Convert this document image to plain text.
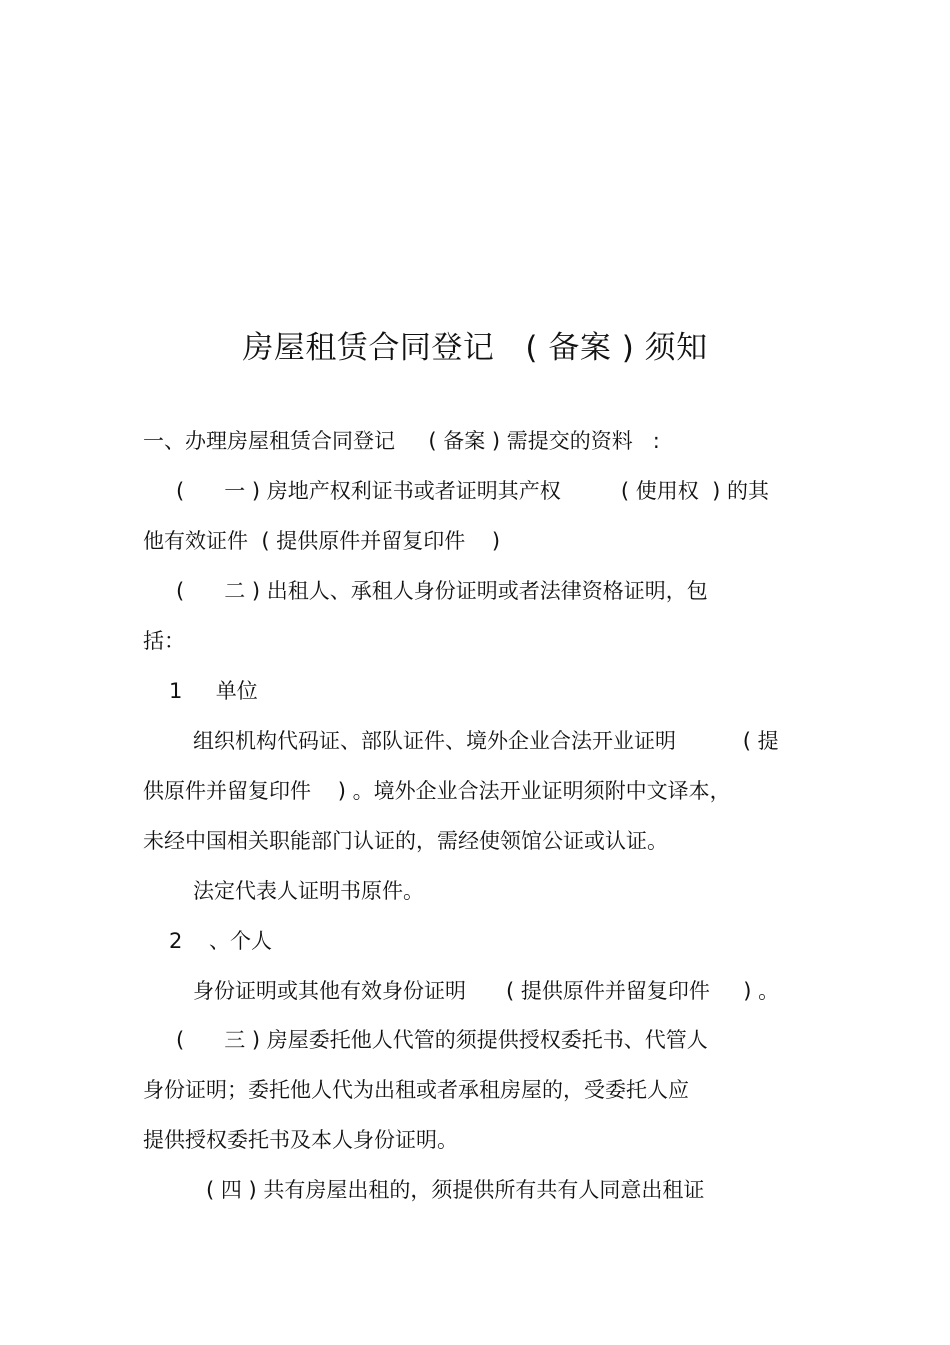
房屋租赁合同登记   ( 备案 ) 须知
一、办理房屋租赁合同登记     ( 备案 ) 需提交的资料   :
(      一 ) 房地产权利证书或者证明其产权         ( 使用权  ) 的其
他有效证件  ( 提供原件并留复印件    )
(      二 ) 出租人、承租人身份证明或者法律资格证明，包
括：
1     单位
组织机构代码证、部队证件、境外企业合法开业证明          ( 提
供原件并留复印件    ) 。境外企业合法开业证明须附中文译本，
未经中国相关职能部门认证的，需经使领馆公证或认证。
法定代表人证明书原件。
2    、个人
身份证明或其他有效身份证明      ( 提供原件并留复印件     ) 。
(      三 ) 房屋委托他人代管的须提供授权委托书、代管人
身份证明；委托他人代为出租或者承租房屋的，受委托人应
提供授权委托书及本人身份证明。
( 四 ) 共有房屋出租的，须提供所有共有人同意出租证
